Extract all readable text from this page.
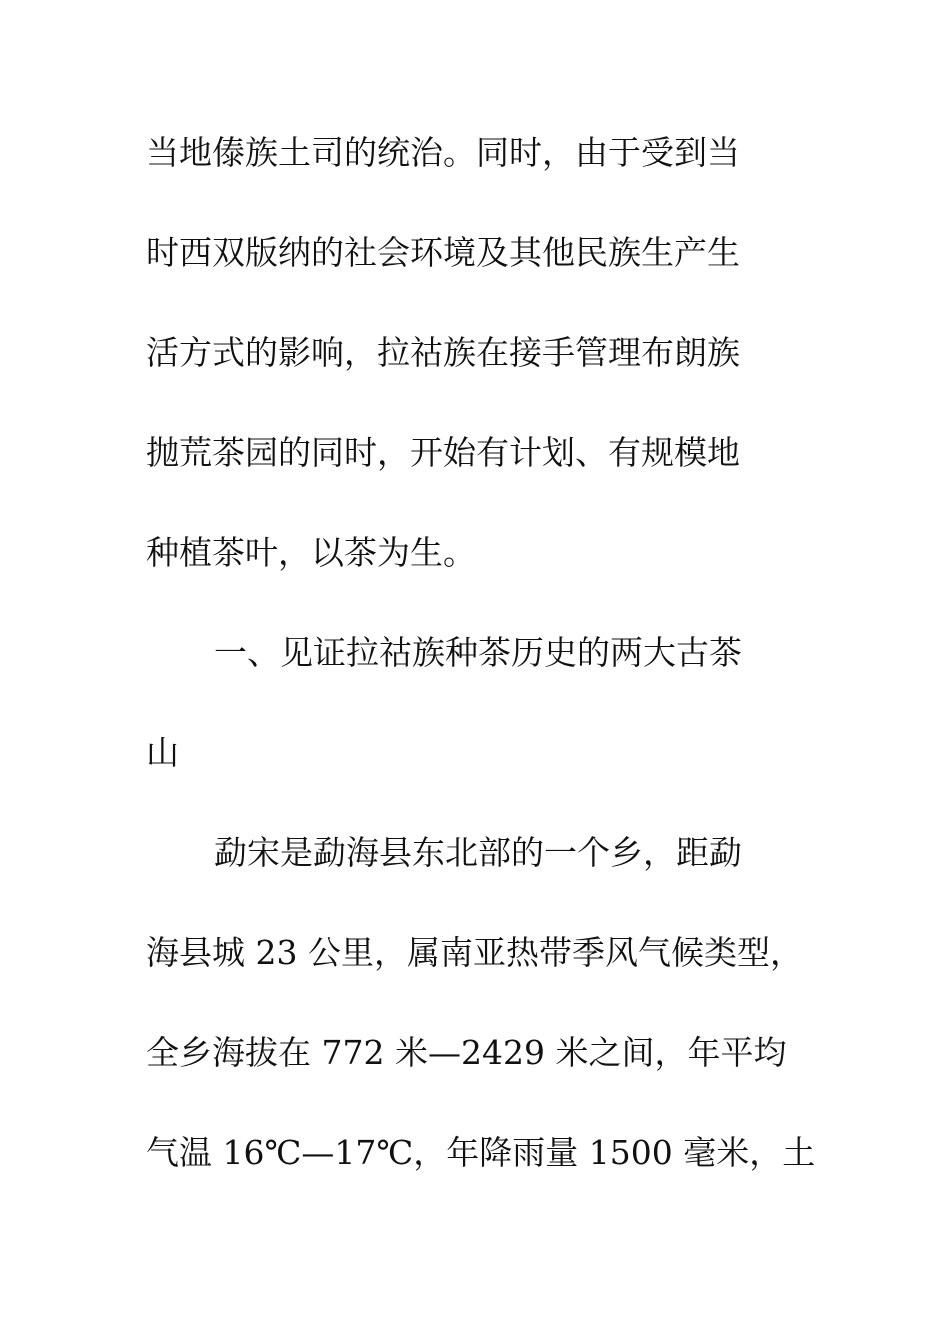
当地傣族土司的统治。同时，由于受到当
时西双版纳的社会环境及其他民族生产生
活方式的影响，拉祜族在接手管理布朗族
抛荒茶园的同时，开始有计划、有规模地
种植茶叶，以茶为生。
一、见证拉祜族种茶历史的两大古茶
山
勐宋是勐海县东北部的一个乡，距勐
海县城 23 公里，属南亚热带季风气候类型，
全乡海拔在 772 米—2429 米之间，年平均
气温 16℃—17℃，年降雨量 1500 毫米，土
